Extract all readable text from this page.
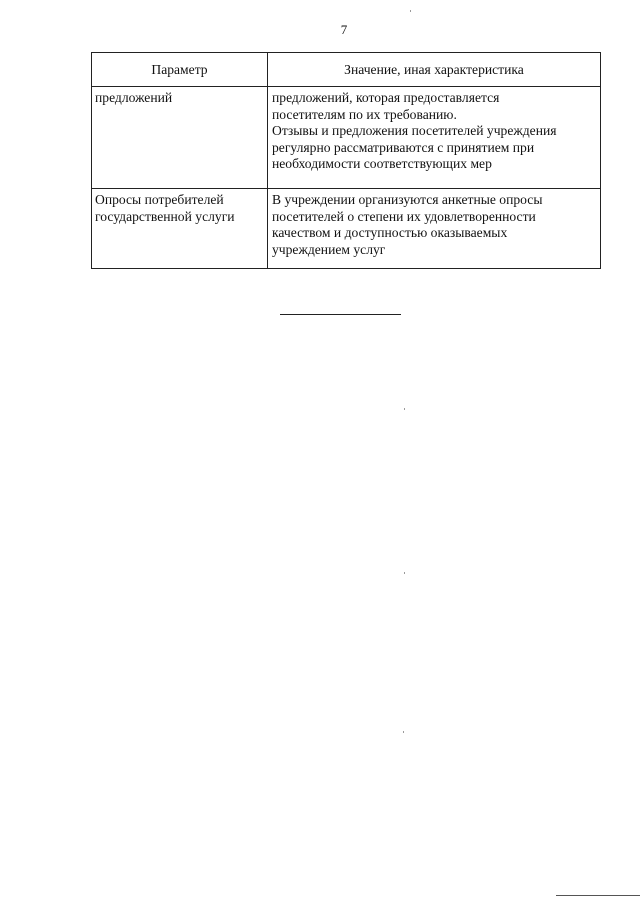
7
Параметр	Значение, иная характеристика

предложений	предложений, которая предоставляется
посетителям по их требованию.
Отзывы и предложения посетителей учреждения
регулярно рассматриваются с принятием при
необходимости соответствующих мер

Опросы потребителей
государственной услуги	В учреждении организуются анкетные опросы
посетителей о степени их удовлетворенности
качеством и доступностью оказываемых
учреждением услуг
